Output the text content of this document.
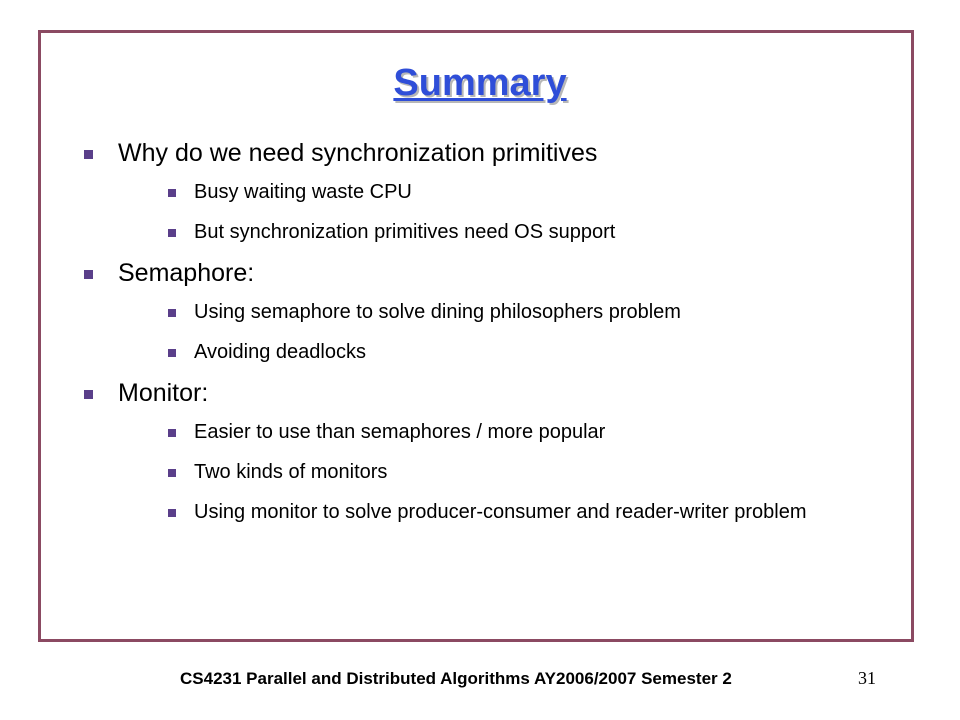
Summary
Why do we need synchronization primitives
Busy waiting waste CPU
But synchronization primitives need OS support
Semaphore:
Using semaphore to solve dining philosophers problem
Avoiding deadlocks
Monitor:
Easier to use than semaphores / more popular
Two kinds of monitors
Using monitor to solve producer-consumer and reader-writer problem
CS4231 Parallel and Distributed Algorithms AY2006/2007 Semester 2	31
